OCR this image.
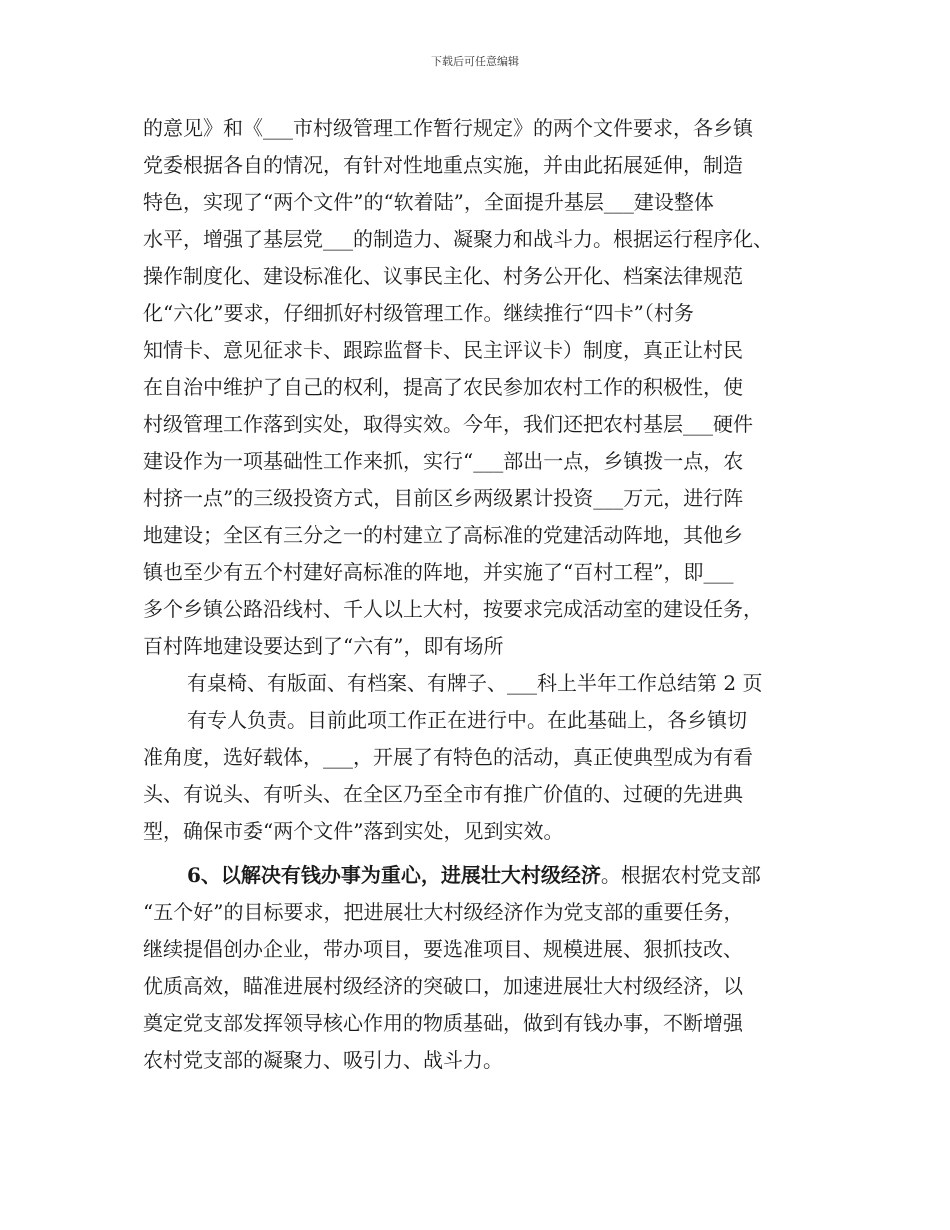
下载后可任意编辑
的意见》和《___市村级管理工作暂行规定》的两个文件要求，各乡镇
党委根据各自的情况，有针对性地重点实施，并由此拓展延伸，制造
特色，实现了“两个文件”的“软着陆”，全面提升基层___建设整体
水平，增强了基层党___的制造力、凝聚力和战斗力。根据运行程序化、
操作制度化、建设标准化、议事民主化、村务公开化、档案法律规范
化“六化”要求，仔细抓好村级管理工作。继续推行“四卡”（村务
知情卡、意见征求卡、跟踪监督卡、民主评议卡）制度，真正让村民
在自治中维护了自己的权利，提高了农民参加农村工作的积极性，使
村级管理工作落到实处，取得实效。今年，我们还把农村基层___硬件
建设作为一项基础性工作来抓，实行“___部出一点，乡镇拨一点，农
村挤一点”的三级投资方式，目前区乡两级累计投资___万元，进行阵
地建设；全区有三分之一的村建立了高标准的党建活动阵地，其他乡
镇也至少有五个村建好高标准的阵地，并实施了“百村工程”，即___
多个乡镇公路沿线村、千人以上大村，按要求完成活动室的建设任务，
百村阵地建设要达到了“六有”，即有场所
有桌椅、有版面、有档案、有牌子、___科上半年工作总结第 2 页
有专人负责。目前此项工作正在进行中。在此基础上，各乡镇切
准角度，选好载体，___，开展了有特色的活动，真正使典型成为有看
头、有说头、有听头、在全区乃至全市有推广价值的、过硬的先进典
型，确保市委“两个文件”落到实处，见到实效。
6、以解决有钱办事为重心，进展壮大村级经济。根据农村党支部
“五个好”的目标要求，把进展壮大村级经济作为党支部的重要任务，
继续提倡创办企业，带办项目，要选准项目、规模进展、狠抓技改、
优质高效，瞄准进展村级经济的突破口，加速进展壮大村级经济，以
奠定党支部发挥领导核心作用的物质基础，做到有钱办事，不断增强
农村党支部的凝聚力、吸引力、战斗力。
